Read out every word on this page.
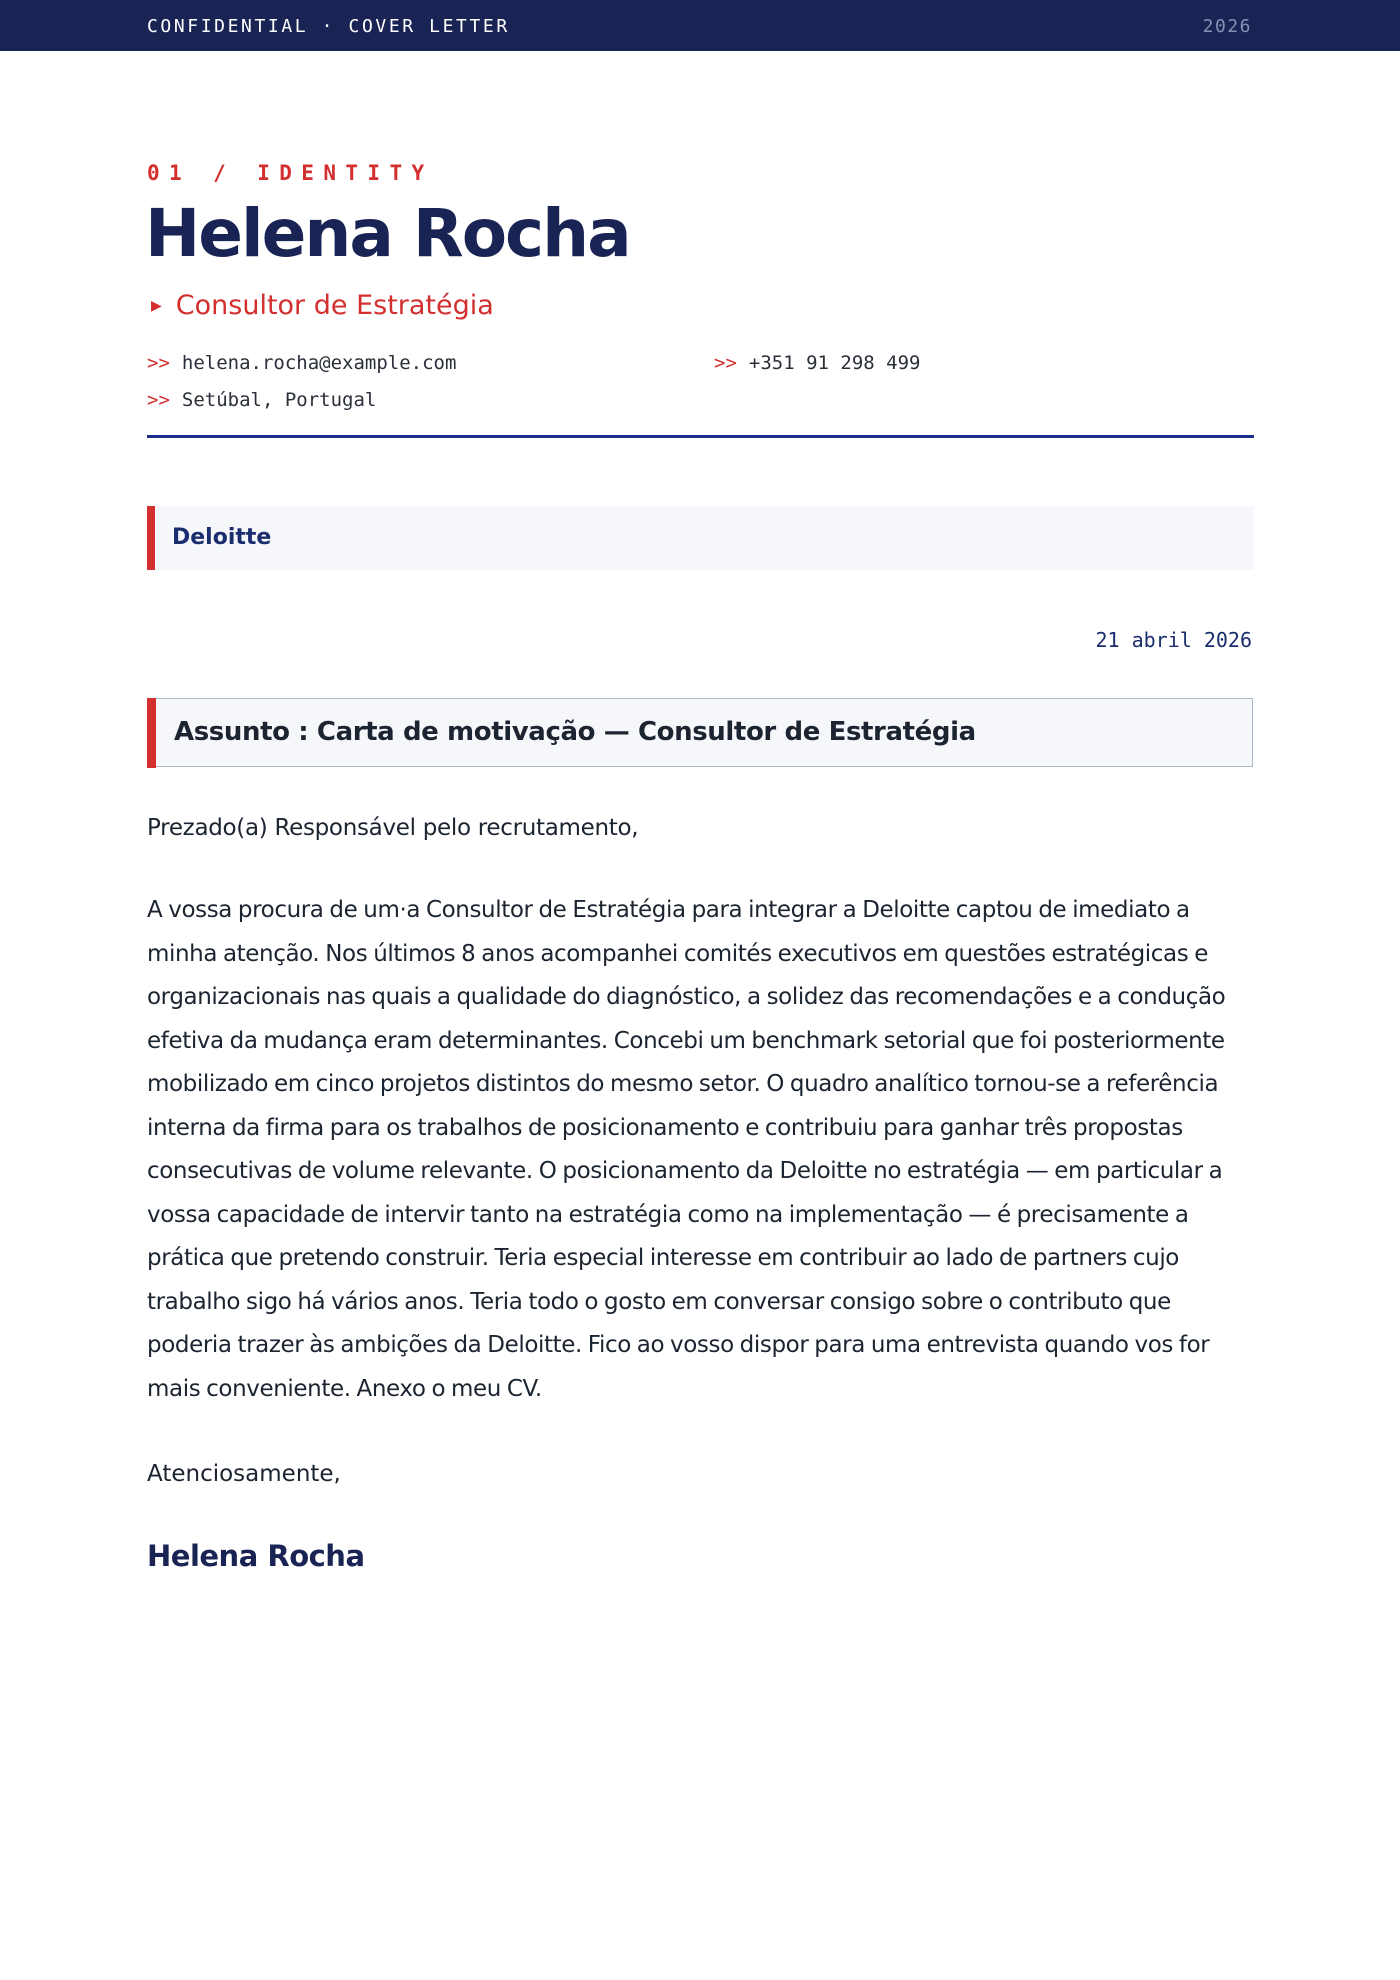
CONFIDENTIAL · COVER LETTER	2026
01 / IDENTITY
Helena Rocha
▶ Consultor de Estratégia
>> helena.rocha@example.com	>> +351 91 298 499
>> Setúbal, Portugal
Deloitte
21 abril 2026
Assunto : Carta de motivação — Consultor de Estratégia
Prezado(a) Responsável pelo recrutamento,
A vossa procura de um·a Consultor de Estratégia para integrar a Deloitte captou de imediato a minha atenção. Nos últimos 8 anos acompanhei comités executivos em questões estratégicas e organizacionais nas quais a qualidade do diagnóstico, a solidez das recomendações e a condução efetiva da mudança eram determinantes. Concebi um benchmark setorial que foi posteriormente mobilizado em cinco projetos distintos do mesmo setor. O quadro analítico tornou-se a referência interna da firma para os trabalhos de posicionamento e contribuiu para ganhar três propostas consecutivas de volume relevante. O posicionamento da Deloitte no estratégia — em particular a vossa capacidade de intervir tanto na estratégia como na implementação — é precisamente a prática que pretendo construir. Teria especial interesse em contribuir ao lado de partners cujo trabalho sigo há vários anos. Teria todo o gosto em conversar consigo sobre o contributo que poderia trazer às ambições da Deloitte. Fico ao vosso dispor para uma entrevista quando vos for mais conveniente. Anexo o meu CV.
Atenciosamente,
Helena Rocha
